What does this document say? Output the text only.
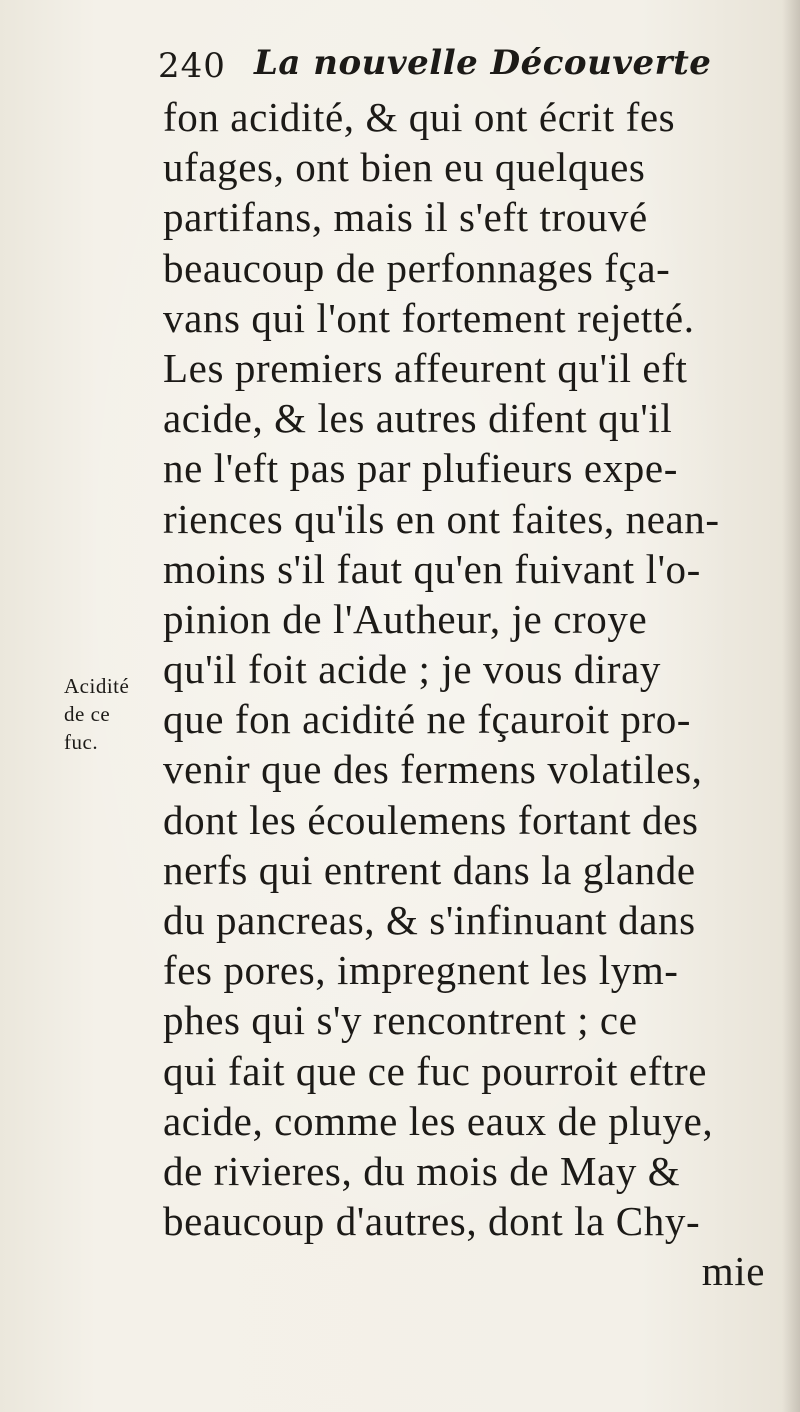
240 La nouvelle Découverte
Acidité
de ce
fuc.
fon acidité, & qui ont écrit fes
ufages, ont bien eu quelques
partifans, mais il s'eft trouvé
beaucoup de perfonnages fça-
vans qui l'ont fortement rejetté.
Les premiers affeurent qu'il eft
acide, & les autres difent qu'il
ne l'eft pas par plufieurs expe-
riences qu'ils en ont faites, nean-
moins s'il faut qu'en fuivant l'o-
pinion de l'Autheur, je croye
qu'il foit acide ; je vous diray
que fon acidité ne fçauroit pro-
venir que des fermens volatiles,
dont les écoulemens fortant des
nerfs qui entrent dans la glande
du pancreas, & s'infinuant dans
fes pores, impregnent les lym-
phes qui s'y rencontrent ; ce
qui fait que ce fuc pourroit eftre
acide, comme les eaux de pluye,
de rivieres, du mois de May &
beaucoup d'autres, dont la Chy-
mie
